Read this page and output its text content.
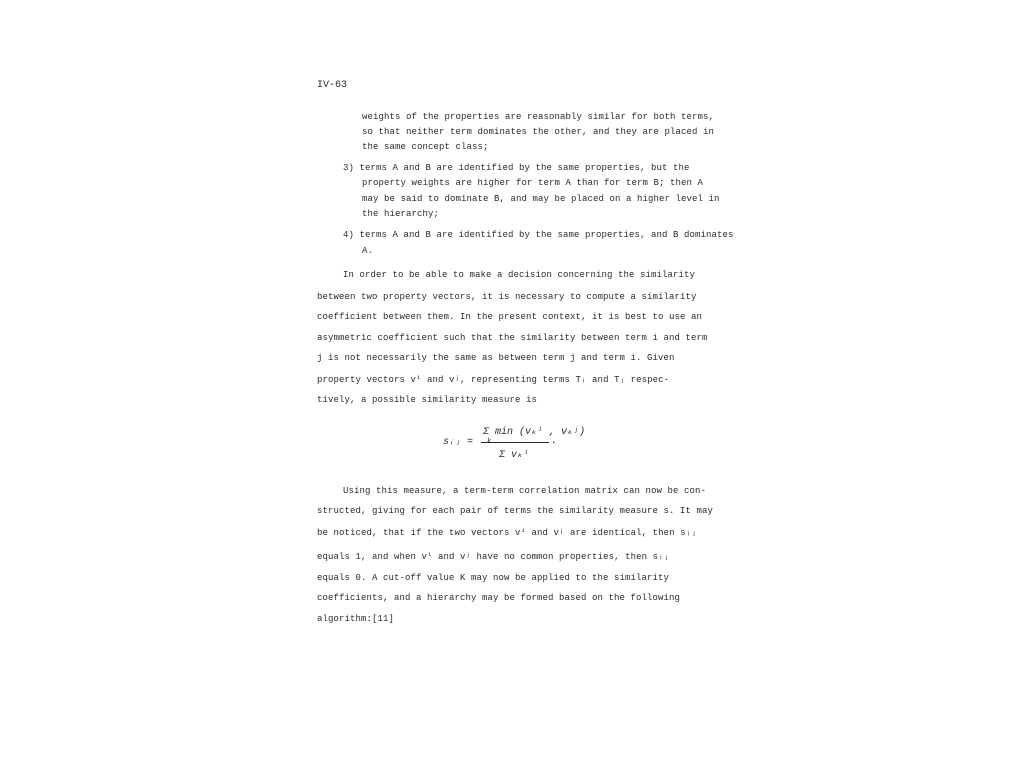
IV-63
weights of the properties are reasonably similar for both terms,
so that neither term dominates the other, and they are placed in
the same concept class;
3) terms A and B are identified by the same properties, but the
property weights are higher for term A than for term B; then A
may be said to dominate B, and may be placed on a higher level in
the hierarchy;
4) terms A and B are identified by the same properties, and B dominates
A.
In order to be able to make a decision concerning the similarity
between two property vectors, it is necessary to compute a similarity
coefficient between them. In the present context, it is best to use an
asymmetric coefficient such that the similarity between term i and term
j is not necessarily the same as between term j and term i. Given
property vectors vⁱ and vʲ, representing terms Tᵢ and Tⱼ respec-
tively, a possible similarity measure is
sᵢⱼ =
Σ min (vₖⁱ , vₖʲ)
Σ vₖⁱ
.
Using this measure, a term-term correlation matrix can now be con-
structed, giving for each pair of terms the similarity measure s. It may
be noticed, that if the two vectors vⁱ and vʲ are identical, then sᵢⱼ
equals 1, and when vⁱ and vʲ have no common properties, then sᵢⱼ
equals 0. A cut-off value K may now be applied to the similarity
coefficients, and a hierarchy may be formed based on the following
algorithm:[11]
